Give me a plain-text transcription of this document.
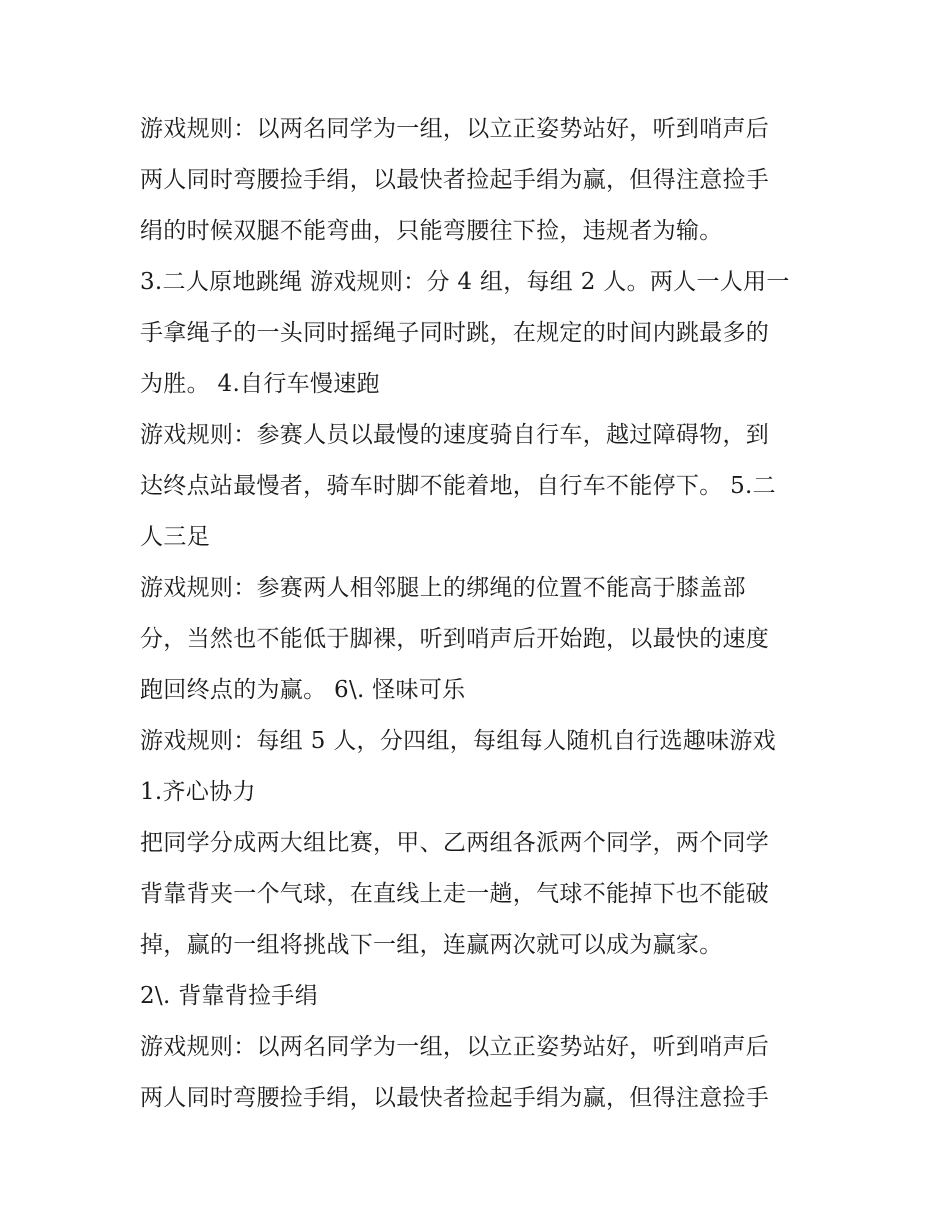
游戏规则：以两名同学为一组，以立正姿势站好，听到哨声后
两人同时弯腰捡手绢，以最快者捡起手绢为赢，但得注意捡手
绢的时候双腿不能弯曲，只能弯腰往下捡，违规者为输。
3.二人原地跳绳 游戏规则：分 4 组，每组 2 人。两人一人用一
手拿绳子的一头同时摇绳子同时跳，在规定的时间内跳最多的
为胜。 4.自行车慢速跑
游戏规则：参赛人员以最慢的速度骑自行车，越过障碍物，到
达终点站最慢者，骑车时脚不能着地，自行车不能停下。 5.二
人三足
游戏规则：参赛两人相邻腿上的绑绳的位置不能高于膝盖部
分，当然也不能低于脚裸，听到哨声后开始跑，以最快的速度
跑回终点的为赢。 6\. 怪味可乐
游戏规则：每组 5 人，分四组，每组每人随机自行选趣味游戏
1.齐心协力
把同学分成两大组比赛，甲、乙两组各派两个同学，两个同学
背靠背夹一个气球，在直线上走一趟，气球不能掉下也不能破
掉，赢的一组将挑战下一组，连赢两次就可以成为赢家。
2\. 背靠背捡手绢
游戏规则：以两名同学为一组，以立正姿势站好，听到哨声后
两人同时弯腰捡手绢，以最快者捡起手绢为赢，但得注意捡手
